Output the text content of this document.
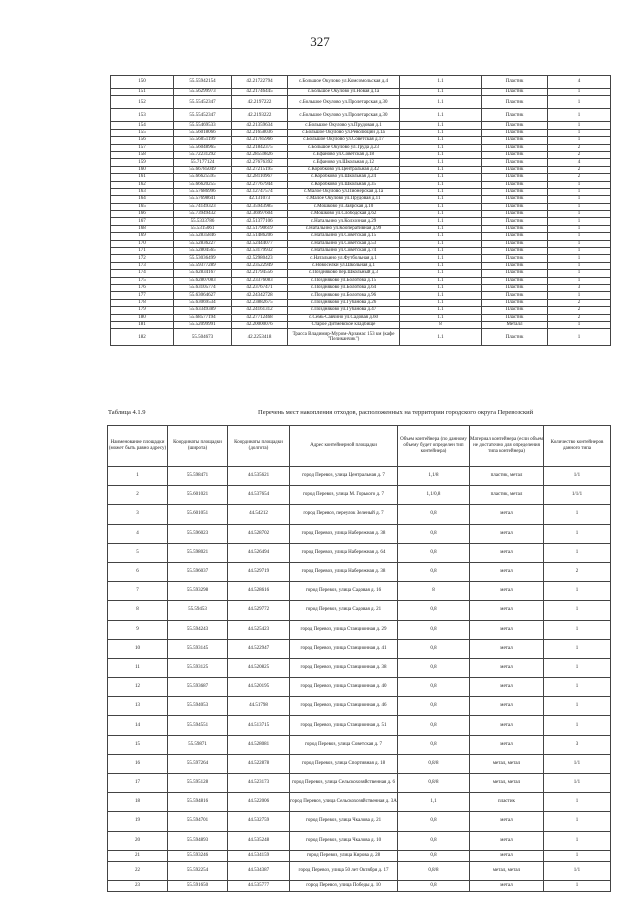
327
150	55.55942154	42.21722794	с.Большое Окулово ул.Комсомольская д.4	1.1	Пластик	4
151	55.56299973	42.21746445	с.Большое Окулово ул.Новая д.1а	1.1	Пластик	1
152	55.55452347	42.2197222	с.Большое Окулово ул.Пролетарская д.30	1.1	Пластик	1
153	55.55452347	42.2193222	с.Большое Окулово ул.Пролетарская д.30	1.1	Пластик	1
154	55.55469533	42.21359634	с.Большое Окулово ул.Прудовая д.1	1.1	Пластик	1
155	55.56018066	42.21658036	с.Большое Окулово ул.Революции д.1а	1.1	Пластик	1
156	55.56051199	42.21785966	с.Большое Окулово ул.Советская д.17	1.1	Пластик	1
157	55.56048965	42.21842375	с.Большое Окулово ул.Труда д.23	1.1	Пластик	2
158	55.72231292	42.28559826	с.Ефаново ул.Советская д.18	1.1	Пластик	2
159	55.7177124	42.27676392	с.Ефаново ул.Школьная д.12	1.1	Пластик	4
160	55.66785049	42.27215195	с.Коробково ул.Центральная д.42	1.1	Пластик	2
161	55.66625595	42.28110967	с.Коробково ул.Школьная д.24	1.1	Пластик	2
162	55.66620255	42.27767944	с.Коробково ул.Школьная д.35	1.1	Пластик	1
163	55.57686996	42.12747574	с.Малое Окулово ул.Пионерская д.1а	1.1	Пластик	1
164	55.57698641	42.131073	с.Малое Окулово ул.Прудовая д.11	1.1	Пластик	1
165	55.74149323	42.35943985	с.Мошково ул.Заярская д.10	1.1	Пластик	1
166	55.73949432	42.36997604	с.Мошково ул.Слободская д.62	1.1	Пластик	1
167	55.5333786	42.51377106	с.Натальино ул.Колхозная д.29	1.1	Пластик	1
168	55.5315061	42.51790619	с.Натальино ул.Кооперативная д.99	1.1	Пластик	1
169	55.52835846	42.51486206	с.Натальино ул.Советская д.15	1.1	Пластик	1
170	55.52836227	42.52444077	с.Натальино ул.Советская д.53	1.1	Пластик	1
171	55.52804565	42.53179932	с.Натальино ул.Советская д.74	1.1	Пластик	1
172	55.53036499	42.52980423	с.Натальино ул.Футбольная д.1	1.1	Пластик	1
173	55.59377289	42.23522949	с.Новоселки ул.Школьная д.1	1.1	Пластик	1
174	55.62834167	42.21794556	с.Поздняково пер.Школьный д.3	1.1	Пластик	1
175	55.62807083	42.23376083	с.Поздняково ул.Болотова д.15	1.1	Пластик	1
176	55.63105774	42.23767471	с.Поздняково ул.Болотова д.64	1.1	Пластик	3
177	55.63064627	42.24342728	с.Поздняково ул.Болотова д.96	1.1	Пластик	1
178	55.63069534	42.23882675	с.Поздняково ул.Губанова д.26	1.1	Пластик	2
179	55.63349389	42.24161312	с.Поздняково ул.Губанова д.47	1.1	Пластик	2
180	55.68577194	42.27712468	с.Семь-Савчино ул.Садовая д.60	1.1	Пластик	2
181	55.52099991	42.20000076	Старое Дитмевское кладбище	8	Металл	1
182	55.504673	42.2253418	Трасса Владимир-Муром-Арзамас 153 км (кафе "Пеликанчик")	1.1	Пластик	1
Таблица 4.1.9	Перечень мест накопления отходов, расположенных на территории городского округа Перевозский
Наименование площадки (может быть равно адресу)	Координаты площадки (широта)	Координаты площадки (долгота)	Адрес контейнерной площадки	Объем контейнера (по данному объему будет определен тип контейнера)	Материал контейнера (если объем не достаточно для определения типа контейнера)	Количество контейнеров данного типа
1	55.598471	44.535621	город Перевоз, улица Центральная д. 7	1,1/8	пластик, метал	1/1
2	55.601021	44.537654	город Перевоз, улица М. Горького д. 7	1,1/0,8	пластик, метал	1/1/1
3	55.601051	44.54212	город Перевоз, переулок Зеленый д. 7	0,8	метал	1
4	55.596023	44.528702	город Перевоз, улица Набережная д. 38	0,8	метал	1
5	55.598021	44.526494	город Перевоз, улица Набережная д. 64	0,8	метал	1
6	55.596037	44.529719	город Перевоз, улица Набережная д. 38	0,8	метал	2
7	55.593298	44.528616	город Перевоз, улица Садовая д. 16	8	метал	1
8	55.59453	44.529772	город Перевоз, улица Садовая д. 21	0,8	метал	1
9	55.594243	44.525423	город Перевоз, улица Станционная д. 29	0,8	метал	1
10	55.593145	44.522947	город Перевоз, улица Станционная д. 41	0,8	метал	1
11	55.593125	44.520825	город Перевоз, улица Станционная д. 38	0,8	метал	1
12	55.593687	44.520195	город Перевоз, улица Станционная д. 40	0,8	метал	1
13	55.594053	44.51798	город Перевоз, улица Станционная д. 46	0,8	метал	1
14	55.594551	44.513715	город Перевоз, улица Станционная д. 51	0,8	метал	1
15	55.59871	44.528081	город Перевоз, улица Советская д. 7	0,8	метал	3
16	55.597264	44.522878	город Перевоз, улица Спортивная д. 18	0,8/8	метал, метал	1/1
17	55.595128	44.523173	город Перевоз, улица Сельскохозяйственная д. 6	0,8/8	метал, метал	1/1
18	55.594816	44.522006	город Перевоз, улица Сельскохозяйственная д. 3А	1,1	пластик	1
19	55.594701	44.532759	город Перевоз, улица Чкалова д. 21	0,8	метал	1
20	55.594893	44.535248	город Перевоз, улица Чкалова д. 10	0,8	метал	1
21	55.593246	44.534159	город Перевоз, улица Кирова д. 28	0,8	метал	1
22	55.592254	44.534387	город Перевоз, улица 50 лет Октября д. 17	0,8/8	метал, метал	1/1
23	55.591650	44.535777	город Перевоз, улица Победы д. 10	0,8	метал	1
